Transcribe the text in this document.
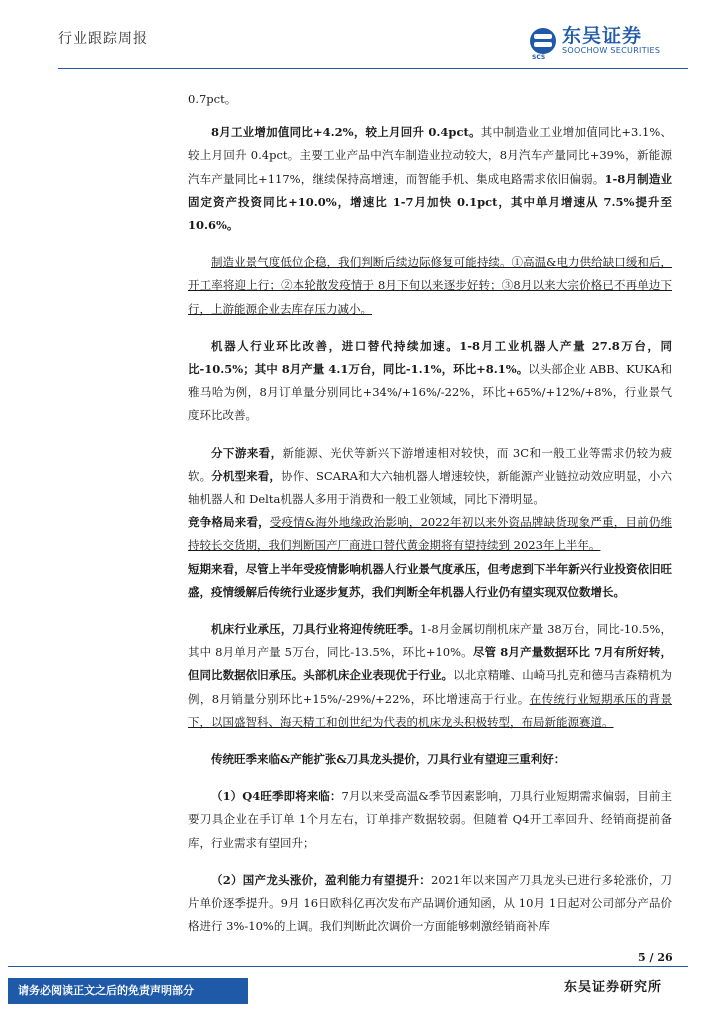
行业跟踪周报
SCS
东吴证券
SOOCHOW SECURITIES

0.7pct。

8月工业增加值同比+4.2%，较上月回升 0.4pct。其中制造业工业增加值同比+3.1%、较上月回升 0.4pct。主要工业产品中汽车制造业拉动较大，8月汽车产量同比+39%，新能源汽车产量同比+117%，继续保持高增速，而智能手机、集成电路需求依旧偏弱。1-8月制造业固定资产投资同比+10.0%，增速比 1-7月加快 0.1pct，其中单月增速从 7.5%提升至 10.6%。

制造业景气度低位企稳，我们判断后续边际修复可能持续。①高温&电力供给缺口缓和后，开工率将迎上行；②本轮散发疫情于 8月下旬以来逐步好转；③8月以来大宗价格已不再单边下行，上游能源企业去库存压力减小。

机器人行业环比改善，进口替代持续加速。1-8月工业机器人产量 27.8万台，同比-10.5%；其中 8月产量 4.1万台，同比-1.1%，环比+8.1%。以头部企业 ABB、KUKA和雅马哈为例，8月订单量分别同比+34%/+16%/-22%，环比+65%/+12%/+8%，行业景气度环比改善。

分下游来看，新能源、光伏等新兴下游增速相对较快，而 3C和一般工业等需求仍较为疲软。分机型来看，协作、SCARA和大六轴机器人增速较快，新能源产业链拉动效应明显，小六轴机器人和 Delta机器人多用于消费和一般工业领域，同比下滑明显。

竞争格局来看，受疫情&海外地缘政治影响，2022年初以来外资品牌缺货现象严重，目前仍维持较长交货期，我们判断国产厂商进口替代黄金期将有望持续到 2023年上半年。

短期来看，尽管上半年受疫情影响机器人行业景气度承压，但考虑到下半年新兴行业投资依旧旺盛，疫情缓解后传统行业逐步复苏，我们判断全年机器人行业仍有望实现双位数增长。

机床行业承压，刀具行业将迎传统旺季。1-8月金属切削机床产量 38万台，同比-10.5%，其中 8月单月产量 5万台，同比-13.5%，环比+10%。尽管 8月产量数据环比 7月有所好转，但同比数据依旧承压。头部机床企业表现优于行业。以北京精雕、山崎马扎克和德马吉森精机为例，8月销量分别环比+15%/-29%/+22%，环比增速高于行业。在传统行业短期承压的背景下，以国盛智科、海天精工和创世纪为代表的机床龙头积极转型，布局新能源赛道。

传统旺季来临&产能扩张&刀具龙头提价，刀具行业有望迎三重利好：

（1）Q4旺季即将来临：7月以来受高温&季节因素影响，刀具行业短期需求偏弱，目前主要刀具企业在手订单 1个月左右，订单排产数据较弱。但随着 Q4开工率回升、经销商提前备库，行业需求有望回升；

（2）国产龙头涨价，盈利能力有望提升：2021年以来国产刀具龙头已进行多轮涨价，刀片单价逐季提升。9月 16日欧科亿再次发布产品调价通知函，从 10月 1日起对公司部分产品价格进行 3%-10%的上调。我们判断此次调价一方面能够刺激经销商补库

5 / 26
请务必阅读正文之后的免责声明部分	东吴证券研究所
